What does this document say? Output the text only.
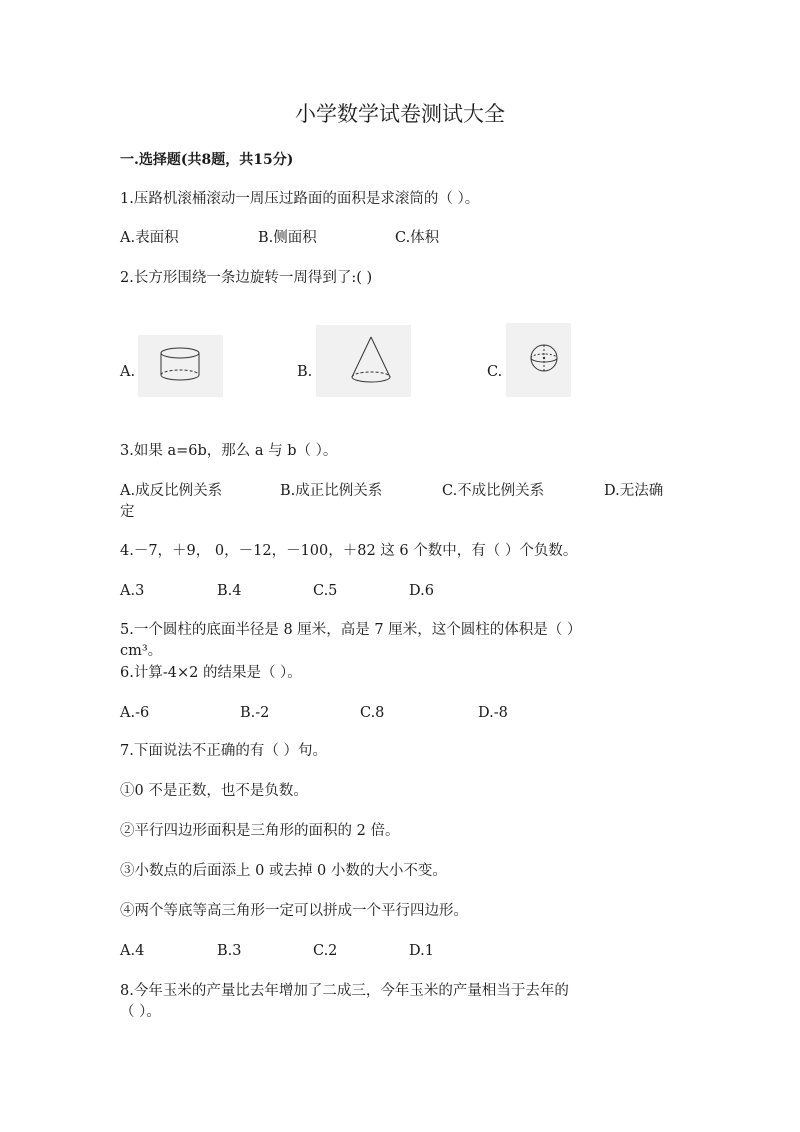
小学数学试卷测试大全
一.选择题(共8题，共15分)
1.压路机滚桶滚动一周压过路面的面积是求滚筒的（ ）。
A.表面积	B.侧面积	C.体积
2.长方形围绕一条边旋转一周得到了:( )
A.	B.	C.
3.如果 a=6b，那么 a 与 b（ ）。
A.成反比例关系	B.成正比例关系	C.不成比例关系	D.无法确
定
4.－7，＋9， 0，－12，－100，＋82 这 6 个数中，有（ ）个负数。
A.3	B.4	C.5	D.6
5.一个圆柱的底面半径是 8 厘米，高是 7 厘米，这个圆柱的体积是（ ）
cm³。
6.计算-4×2 的结果是（ ）。
A.-6	B.-2	C.8	D.-8
7.下面说法不正确的有（ ）句。
①0 不是正数，也不是负数。
②平行四边形面积是三角形的面积的 2 倍。
③小数点的后面添上 0 或去掉 0 小数的大小不变。
④两个等底等高三角形一定可以拼成一个平行四边形。
A.4	B.3	C.2	D.1
8.今年玉米的产量比去年增加了二成三，今年玉米的产量相当于去年的
（ ）。
